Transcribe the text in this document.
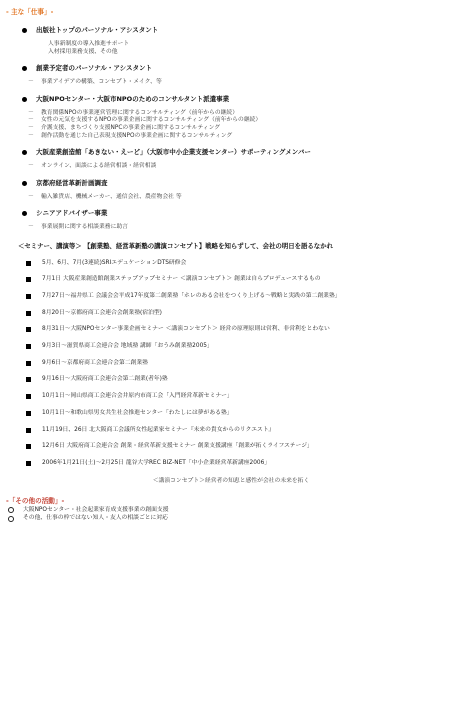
- 主な「仕事」-
出版社トップのパーソナル・アシスタント
人事新制度の導入推進サポート
入材採用業務支援、その他
創業予定者のパーソナル・アシスタント
－ 事業アイデアの構築、コンセプト・メイク、等
大阪NPOセンター・大阪市NPOのためのコンサルタント派遣事業
－ 教育関係NPOの事業運営管理に関するコンサルティング（前年からの継続）
－ 女性の元気を支援するNPOの事業企画に関するコンサルティング（前年からの継続）
－ 介護支援、まちづくり支援NPCの事業企画に関するコンサルティング
－ 創作活動を通じた自己表現支援NPOの事業企画に関するコンサルティング
大阪産業創造館「あきない・えーど」（大阪市中小企業支援センター）サポーティングメンバー
－ オンライン、面談による経営相談・経営相談
京都府経営革新計画調査
－ 輸入雑貨店、機械メーカー、通信会社、農産物会社 等
シニアアドバイザー事業
－ 事業展開に関する相談業務に助言
＜セミナー、講演等＞ 【創業塾、経営革新塾の講演コンセプト】戦略を知らずして、会社の明日を語るなかれ
5月、6月、7月(3連続)SRIエデュケーションDTS研修会
7月1日 大阪産業創造館創業ステップアップセミナー ＜講演コンセプト＞ 創業は自らプロデュースするもの
7月27日～福井県工 会議会会平成17年度第二創業塾「ホレのある会社をつくり上げる～戦略と実践の第二創業塾」
8月20日～京都府商工会連合会創業塾(宿泊型)
8月31日～大阪NPOセンター事業企画セミナー ＜講演コンセプト＞ 経営の原理原則は営利、非営利をとわない
9月3日～滋賀県商工会連合会 地域塾 講師「おうみ創業塾2005」
9月6日～京都府商工会連合会第二創業塾
9月16日～大阪府商工会連合会第二創業(者年)塾
10月1日～岡山県商工会連合会井原内市商工会「入門経営革新セミナー」
10月1日～和歌山県男女共生社会推進センター「わたしには夢がある塾」
11月19日、26日 北大阪商工会議所女性起業家セミナー『未来の貴女からのリクエスト』
12月6日 大阪府商工会連合会 創業・経営革新支援セミナー 創業支援講座「創業が拓くライフステージ」
2006年1月21日(土)～2月25日 龍谷大学REC BIZ-NET「中小企業経営革新講座2006」
＜講演コンセプト＞経営者の知恵と感性が会社の未来を拓く
-「その他の活動」-
大阪NPOセンター・社会起業家育成支援事業の創面支援
その他、仕事の枠ではない知人・友人の相談ごとに対応
